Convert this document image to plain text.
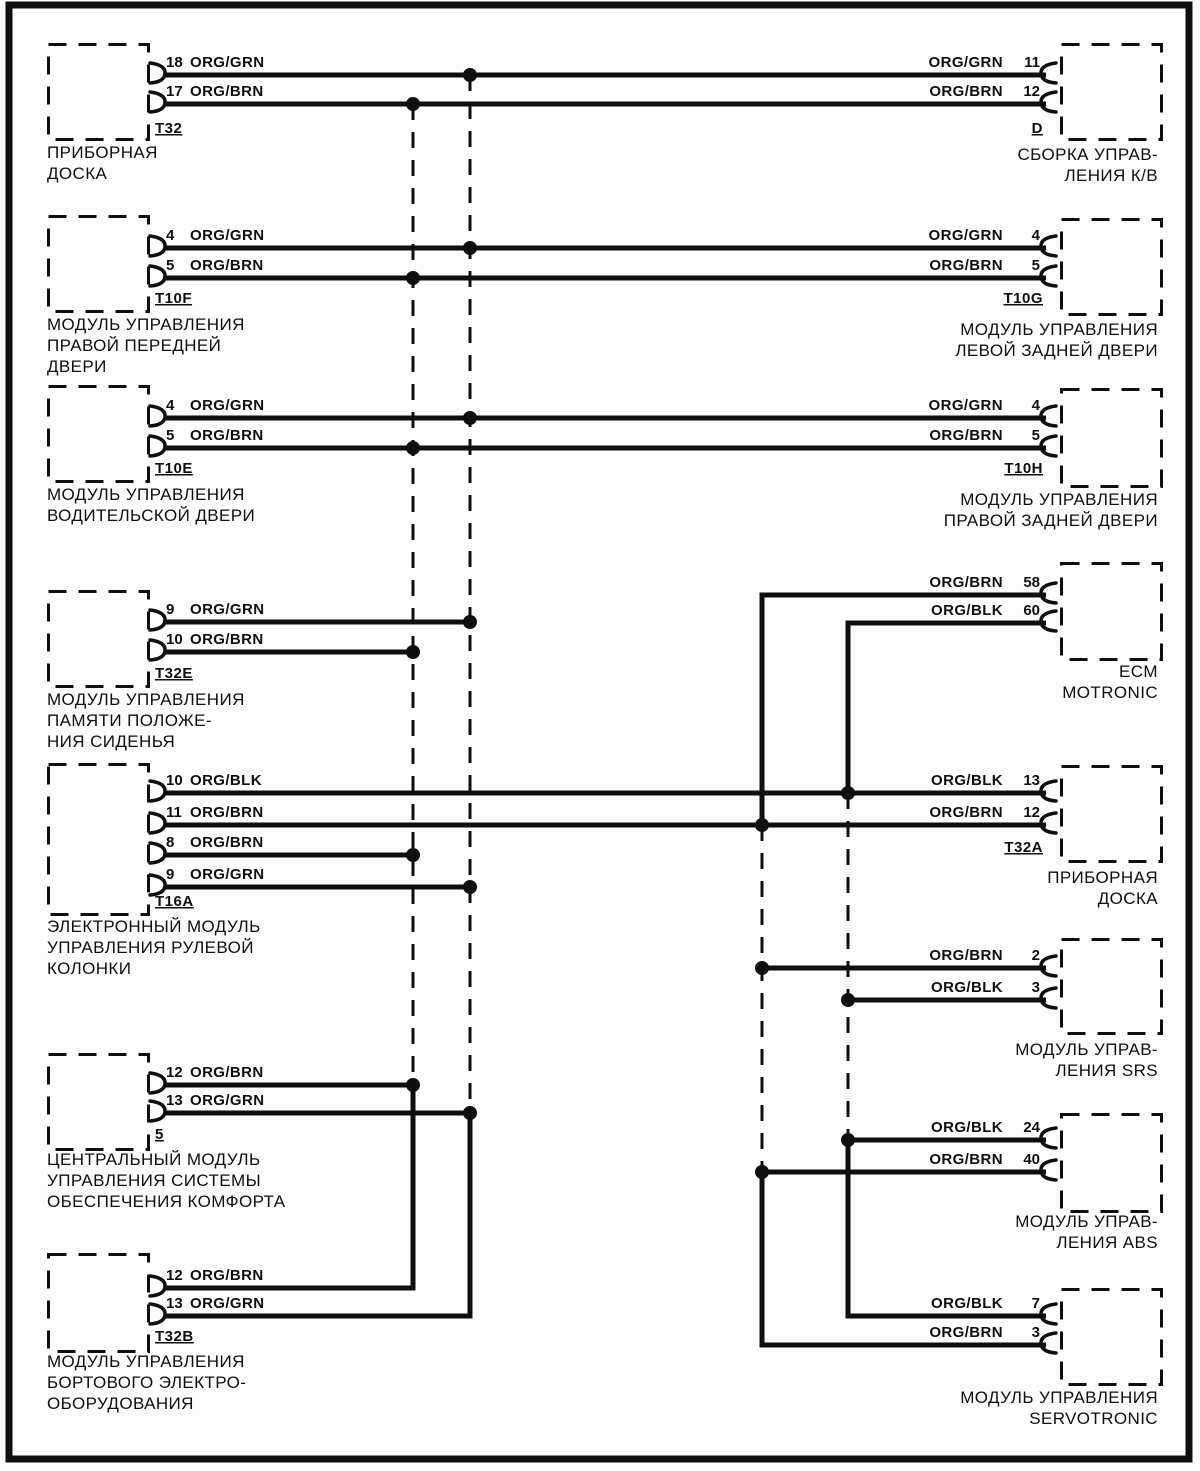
T32
ПРИБОРНАЯ
ДОСКА
18 ORG/GRN
17 ORG/BRN
T10F
МОДУЛЬ УПРАВЛЕНИЯ
ПРАВОЙ ПЕРЕДНЕЙ
ДВЕРИ
4 ORG/GRN
5 ORG/BRN
T10E
МОДУЛЬ УПРАВЛЕНИЯ
ВОДИТЕЛЬСКОЙ ДВЕРИ
4 ORG/GRN
5 ORG/BRN
T32E
МОДУЛЬ УПРАВЛЕНИЯ
ПАМЯТИ ПОЛОЖЕ-
НИЯ СИДЕНЬЯ
9 ORG/GRN
10 ORG/BRN
T16A
ЭЛЕКТРОННЫЙ МОДУЛЬ
УПРАВЛЕНИЯ РУЛЕВОЙ
КОЛОНКИ
10 ORG/BLK
11 ORG/BRN
8 ORG/BRN
9 ORG/GRN
5
ЦЕНТРАЛЬНЫЙ МОДУЛЬ
УПРАВЛЕНИЯ СИСТЕМЫ
ОБЕСПЕЧЕНИЯ КОМФОРТА
12 ORG/BRN
13 ORG/GRN
T32B
МОДУЛЬ УПРАВЛЕНИЯ
БОРТОВОГО ЭЛЕКТРО-
ОБОРУДОВАНИЯ
12 ORG/BRN
13 ORG/GRN
D
СБОРКА УПРАВ-
ЛЕНИЯ К/В
11
ORG/GRN
12
ORG/BRN
T10G
МОДУЛЬ УПРАВЛЕНИЯ
ЛЕВОЙ ЗАДНЕЙ ДВЕРИ
4
ORG/GRN
5
ORG/BRN
T10H
МОДУЛЬ УПРАВЛЕНИЯ
ПРАВОЙ ЗАДНЕЙ ДВЕРИ
4
ORG/GRN
5
ORG/BRN
ECM
MOTRONIC
58
ORG/BRN
60
ORG/BLK
T32A
ПРИБОРНАЯ
ДОСКА
13
ORG/BLK
12
ORG/BRN
МОДУЛЬ УПРАВ-
ЛЕНИЯ SRS
2
ORG/BRN
3
ORG/BLK
МОДУЛЬ УПРАВ-
ЛЕНИЯ ABS
24
ORG/BLK
40
ORG/BRN
МОДУЛЬ УПРАВЛЕНИЯ
SERVOTRONIC
7
ORG/BLK
3
ORG/BRN
